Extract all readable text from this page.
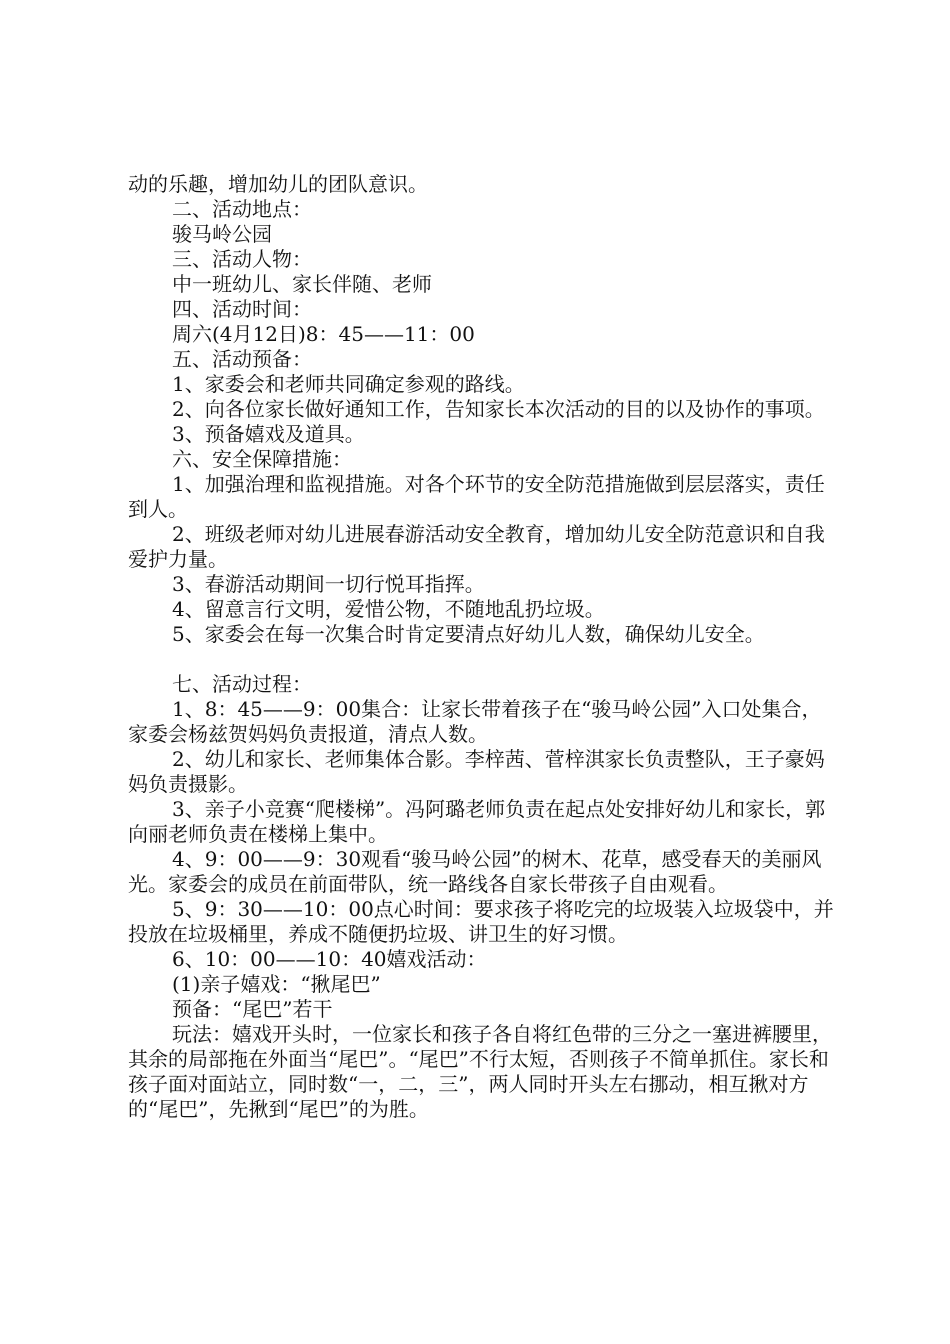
动的乐趣，增加幼儿的团队意识。

二、活动地点：

骏马岭公园

三、活动人物：

中一班幼儿、家长伴随、老师

四、活动时间：

周六(4月12日)8：45——11：00

五、活动预备：

1、家委会和老师共同确定参观的路线。

2、向各位家长做好通知工作，告知家长本次活动的目的以及协作的事项。

3、预备嬉戏及道具。

六、安全保障措施：

1、加强治理和监视措施。对各个环节的安全防范措施做到层层落实，责任到人。

2、班级老师对幼儿进展春游活动安全教育，增加幼儿安全防范意识和自我爱护力量。

3、春游活动期间一切行悦耳指挥。

4、留意言行文明，爱惜公物，不随地乱扔垃圾。

5、家委会在每一次集合时肯定要清点好幼儿人数，确保幼儿安全。

七、活动过程：

1、8：45——9：00集合：让家长带着孩子在“骏马岭公园”入口处集合，家委会杨兹贺妈妈负责报道，清点人数。

2、幼儿和家长、老师集体合影。李梓茜、菅梓淇家长负责整队，王子豪妈妈负责摄影。

3、亲子小竞赛“爬楼梯”。冯阿璐老师负责在起点处安排好幼儿和家长，郭向丽老师负责在楼梯上集中。

4、9：00——9：30观看“骏马岭公园”的树木、花草，感受春天的美丽风光。家委会的成员在前面带队，统一路线各自家长带孩子自由观看。

5、9：30——10：00点心时间：要求孩子将吃完的垃圾装入垃圾袋中，并投放在垃圾桶里，养成不随便扔垃圾、讲卫生的好习惯。

6、10：00——10：40嬉戏活动：

(1)亲子嬉戏：“揪尾巴”

预备：“尾巴”若干

玩法：嬉戏开头时，一位家长和孩子各自将红色带的三分之一塞进裤腰里，其余的局部拖在外面当“尾巴”。“尾巴”不行太短，否则孩子不简单抓住。家长和孩子面对面站立，同时数“一，二，三”，两人同时开头左右挪动，相互揪对方的“尾巴”，先揪到“尾巴”的为胜。
